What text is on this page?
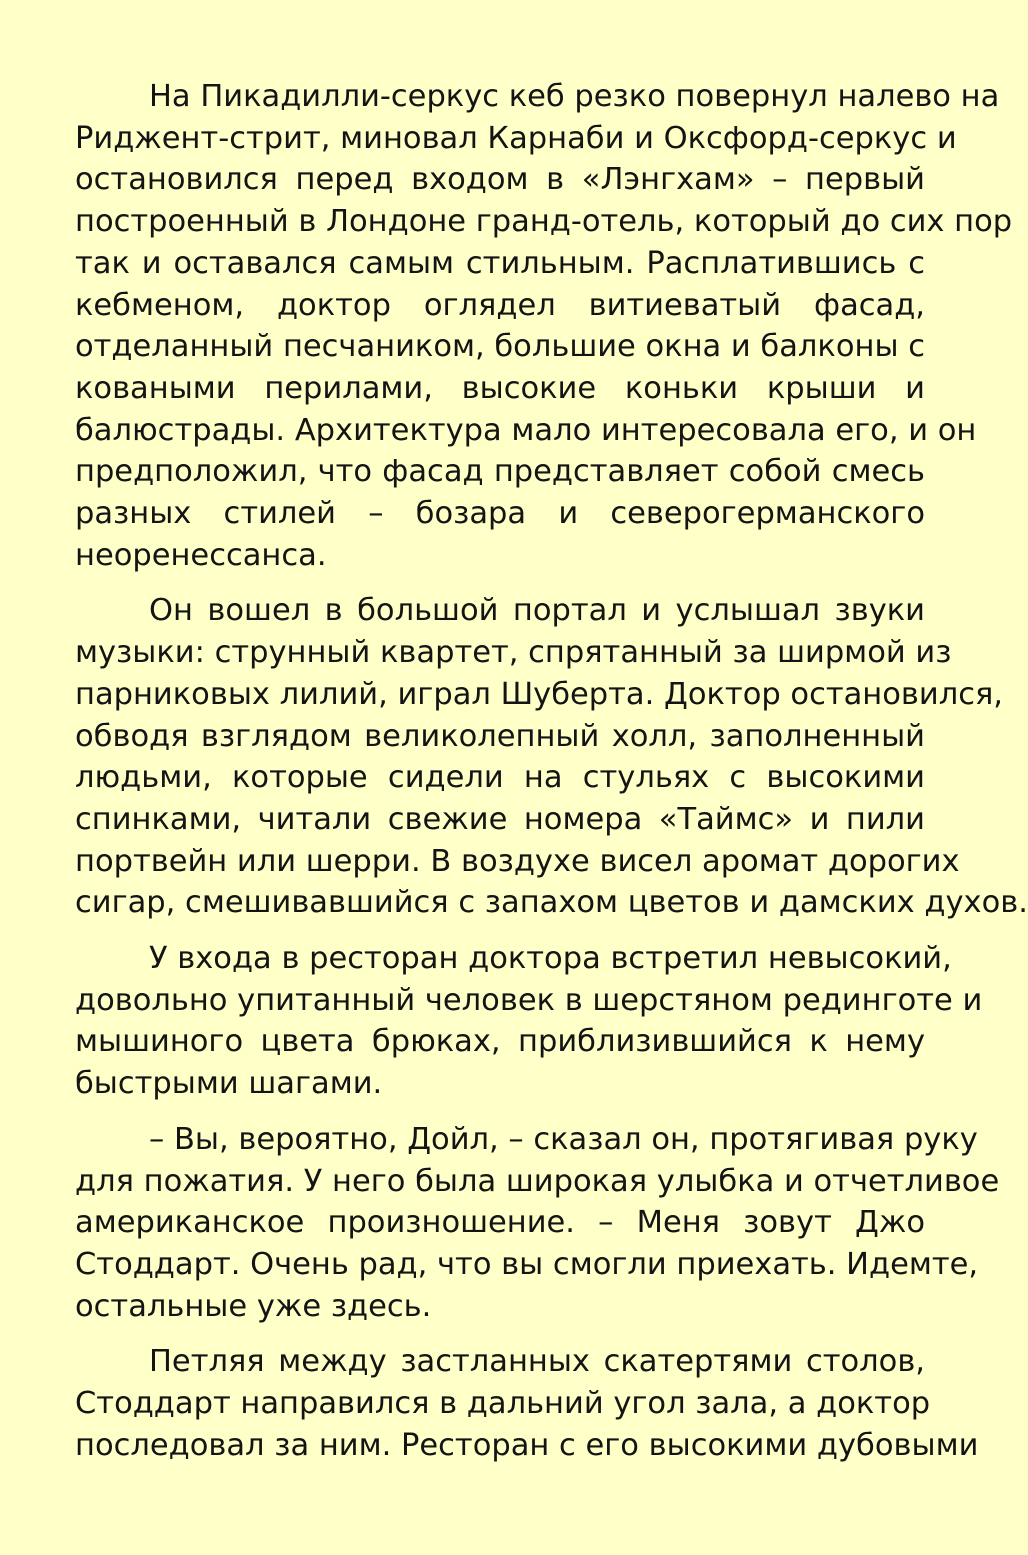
На Пикадилли-серкус кеб резко повернул налево на
Риджент-стрит, миновал Карнаби и Оксфорд-серкус и
остановился перед входом в «Лэнгхам» – первый
построенный в Лондоне гранд-отель, который до сих пор
так и оставался самым стильным. Расплатившись с
кебменом, доктор оглядел витиеватый фасад,
отделанный песчаником, большие окна и балконы с
коваными перилами, высокие коньки крыши и
балюстрады. Архитектура мало интересовала его, и он
предположил, что фасад представляет собой смесь
разных стилей – бозара и северогерманского
неоренессанса.
Он вошел в большой портал и услышал звуки
музыки: струнный квартет, спрятанный за ширмой из
парниковых лилий, играл Шуберта. Доктор остановился,
обводя взглядом великолепный холл, заполненный
людьми, которые сидели на стульях с высокими
спинками, читали свежие номера «Таймс» и пили
портвейн или шерри. В воздухе висел аромат дорогих
сигар, смешивавшийся с запахом цветов и дамских духов.
У входа в ресторан доктора встретил невысокий,
довольно упитанный человек в шерстяном рединготе и
мышиного цвета брюках, приблизившийся к нему
быстрыми шагами.
– Вы, вероятно, Дойл, – сказал он, протягивая руку
для пожатия. У него была широкая улыбка и отчетливое
американское произношение. – Меня зовут Джо
Стоддарт. Очень рад, что вы смогли приехать. Идемте,
остальные уже здесь.
Петляя между застланных скатертями столов,
Стоддарт направился в дальний угол зала, а доктор
последовал за ним. Ресторан с его высокими дубовыми
